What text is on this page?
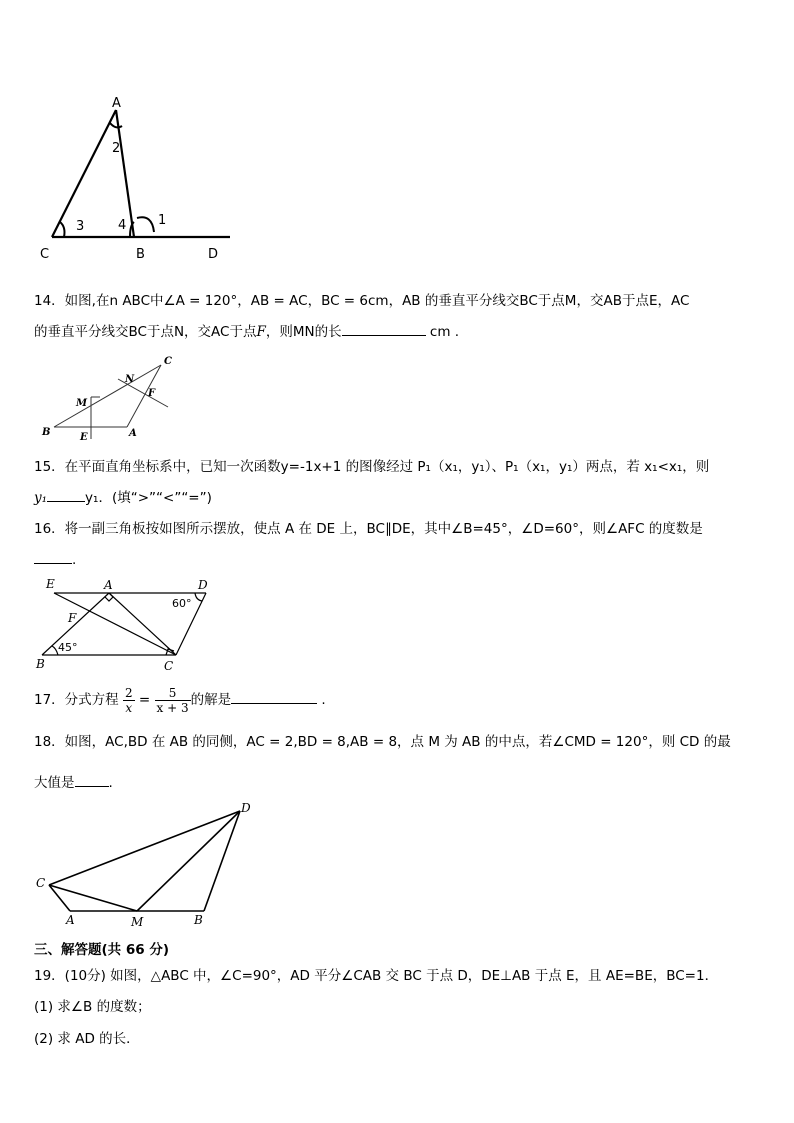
A
C	B	D
1
2
3	4
14．如图,在n ABC中∠A = 120°，AB = AC，BC = 6cm，AB 的垂直平分线交BC于点M，交AB于点E，AC
的垂直平分线交BC于点N，交AC于点F，则MN的长	cm .
C
N
M
F
B	E	A
15．在平面直角坐标系中，已知一次函数y=-1x+1 的图像经过 P₁（x₁，y₁）、P₁（x₁，y₁）两点，若 x₁<x₁，则
y₁	y₁．(填“>”“<”“=”)
16．将一副三角板按如图所示摆放，使点 A 在 DE 上，BC∥DE，其中∠B=45°，∠D=60°，则∠AFC 的度数是
.
E	A	D
F
B	C
60°
45°
17．分式方程 $\frac{2}{x} = \frac{5}{x + 3}$ 的解是	.
18．如图，AC,BD 在 AB 的同侧，AC = 2,BD = 8,AB = 8，点 M 为 AB 的中点，若∠CMD = 120°，则 CD 的最
大值是	.
D
C
A	M	B
三、解答题(共 66 分)
19．(10分) 如图，△ABC 中，∠C=90°，AD 平分∠CAB 交 BC 于点 D，DE⊥AB 于点 E，且 AE=BE，BC=1．
(1) 求∠B 的度数；
(2) 求 AD 的长．
